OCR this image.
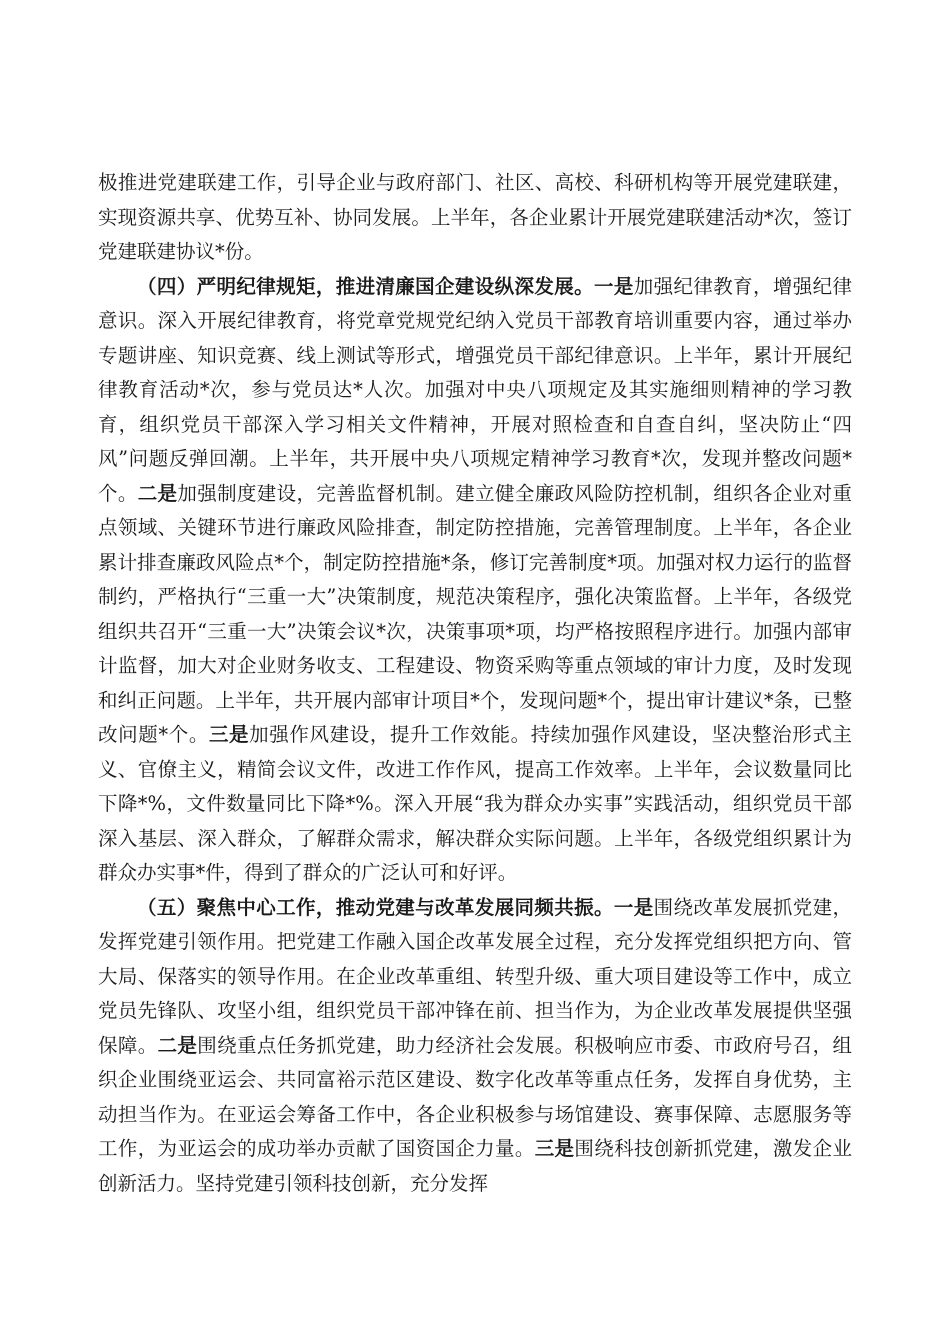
极推进党建联建工作，引导企业与政府部门、社区、高校、科研机构等开展党建联建，实现资源共享、优势互补、协同发展。上半年，各企业累计开展党建联建活动*次，签订党建联建协议*份。

（四）严明纪律规矩，推进清廉国企建设纵深发展。一是加强纪律教育，增强纪律意识。深入开展纪律教育，将党章党规党纪纳入党员干部教育培训重要内容，通过举办专题讲座、知识竞赛、线上测试等形式，增强党员干部纪律意识。上半年，累计开展纪律教育活动*次，参与党员达*人次。加强对中央八项规定及其实施细则精神的学习教育，组织党员干部深入学习相关文件精神，开展对照检查和自查自纠，坚决防止“四风”问题反弹回潮。上半年，共开展中央八项规定精神学习教育*次，发现并整改问题*个。二是加强制度建设，完善监督机制。建立健全廉政风险防控机制，组织各企业对重点领域、关键环节进行廉政风险排查，制定防控措施，完善管理制度。上半年，各企业累计排查廉政风险点*个，制定防控措施*条，修订完善制度*项。加强对权力运行的监督制约，严格执行“三重一大”决策制度，规范决策程序，强化决策监督。上半年，各级党组织共召开“三重一大”决策会议*次，决策事项*项，均严格按照程序进行。加强内部审计监督，加大对企业财务收支、工程建设、物资采购等重点领域的审计力度，及时发现和纠正问题。上半年，共开展内部审计项目*个，发现问题*个，提出审计建议*条，已整改问题*个。三是加强作风建设，提升工作效能。持续加强作风建设，坚决整治形式主义、官僚主义，精简会议文件，改进工作作风，提高工作效率。上半年，会议数量同比下降*%，文件数量同比下降*%。深入开展“我为群众办实事”实践活动，组织党员干部深入基层、深入群众，了解群众需求，解决群众实际问题。上半年，各级党组织累计为群众办实事*件，得到了群众的广泛认可和好评。

（五）聚焦中心工作，推动党建与改革发展同频共振。一是围绕改革发展抓党建，发挥党建引领作用。把党建工作融入国企改革发展全过程，充分发挥党组织把方向、管大局、保落实的领导作用。在企业改革重组、转型升级、重大项目建设等工作中，成立党员先锋队、攻坚小组，组织党员干部冲锋在前、担当作为，为企业改革发展提供坚强保障。二是围绕重点任务抓党建，助力经济社会发展。积极响应市委、市政府号召，组织企业围绕亚运会、共同富裕示范区建设、数字化改革等重点任务，发挥自身优势，主动担当作为。在亚运会筹备工作中，各企业积极参与场馆建设、赛事保障、志愿服务等工作，为亚运会的成功举办贡献了国资国企力量。三是围绕科技创新抓党建，激发企业创新活力。坚持党建引领科技创新，充分发挥
